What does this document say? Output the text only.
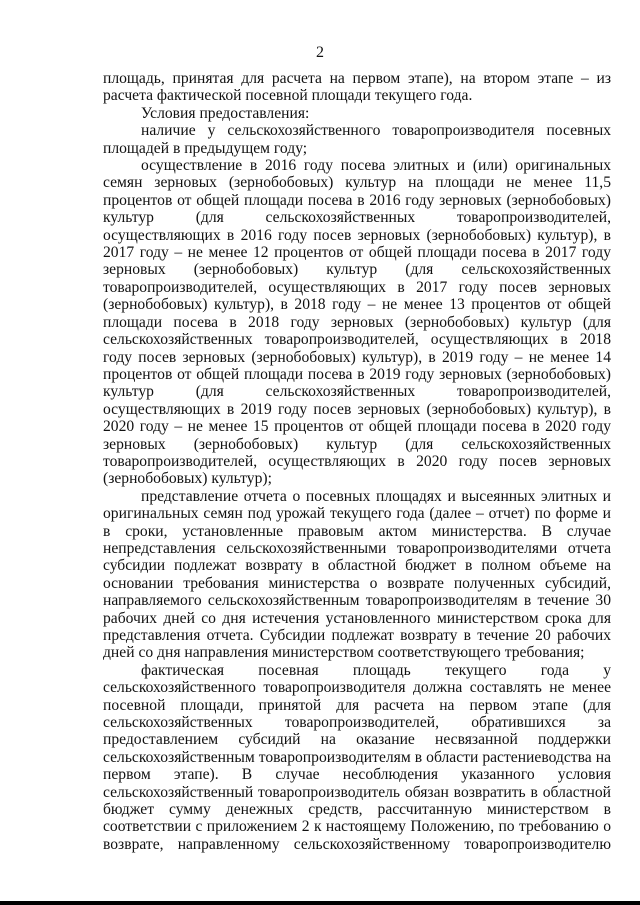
2

площадь, принятая для расчета на первом этапе), на втором этапе – из расчета фактической посевной площади текущего года.

Условия предоставления:

наличие у сельскохозяйственного товаропроизводителя посевных площадей в предыдущем году;

осуществление в 2016 году посева элитных и (или) оригинальных семян зерновых (зернобобовых) культур на площади не менее 11,5 процентов от общей площади посева в 2016 году зерновых (зернобобовых) культур (для сельскохозяйственных товаропроизводителей, осуществляющих в 2016 году посев зерновых (зернобобовых) культур), в 2017 году – не менее 12 процентов от общей площади посева в 2017 году зерновых (зернобобовых) культур (для сельскохозяйственных товаропроизводителей, осуществляющих в 2017 году посев зерновых (зернобобовых) культур), в 2018 году – не менее 13 процентов от общей площади посева в 2018 году зерновых (зернобобовых) культур (для сельскохозяйственных товаропроизводителей, осуществляющих в 2018 году посев зерновых (зернобобовых) культур), в 2019 году – не менее 14 процентов от общей площади посева в 2019 году зерновых (зернобобовых) культур (для сельскохозяйственных товаропроизводителей, осуществляющих в 2019 году посев зерновых (зернобобовых) культур), в 2020 году – не менее 15 процентов от общей площади посева в 2020 году зерновых (зернобобовых) культур (для сельскохозяйственных товаропроизводителей, осуществляющих в 2020 году посев зерновых (зернобобовых) культур);

представление отчета о посевных площадях и высеянных элитных и оригинальных семян под урожай текущего года (далее – отчет) по форме и в сроки, установленные правовым актом министерства. В случае непредставления сельскохозяйственными товаропроизводителями отчета субсидии подлежат возврату в областной бюджет в полном объеме на основании требования министерства о возврате полученных субсидий, направляемого сельскохозяйственным товаропроизводителям в течение 30 рабочих дней со дня истечения установленного министерством срока для представления отчета. Субсидии подлежат возврату в течение 20 рабочих дней со дня направления министерством соответствующего требования;

фактическая посевная площадь текущего года у сельскохозяйственного товаропроизводителя должна составлять не менее посевной площади, принятой для расчета на первом этапе (для сельскохозяйственных товаропроизводителей, обратившихся за предоставлением субсидий на оказание несвязанной поддержки сельскохозяйственным товаропроизводителям в области растениеводства на первом этапе). В случае несоблюдения указанного условия сельскохозяйственный товаропроизводитель обязан возвратить в областной бюджет сумму денежных средств, рассчитанную министерством в соответствии с приложением 2 к настоящему Положению, по требованию о возврате, направленному сельскохозяйственному товаропроизводителю
